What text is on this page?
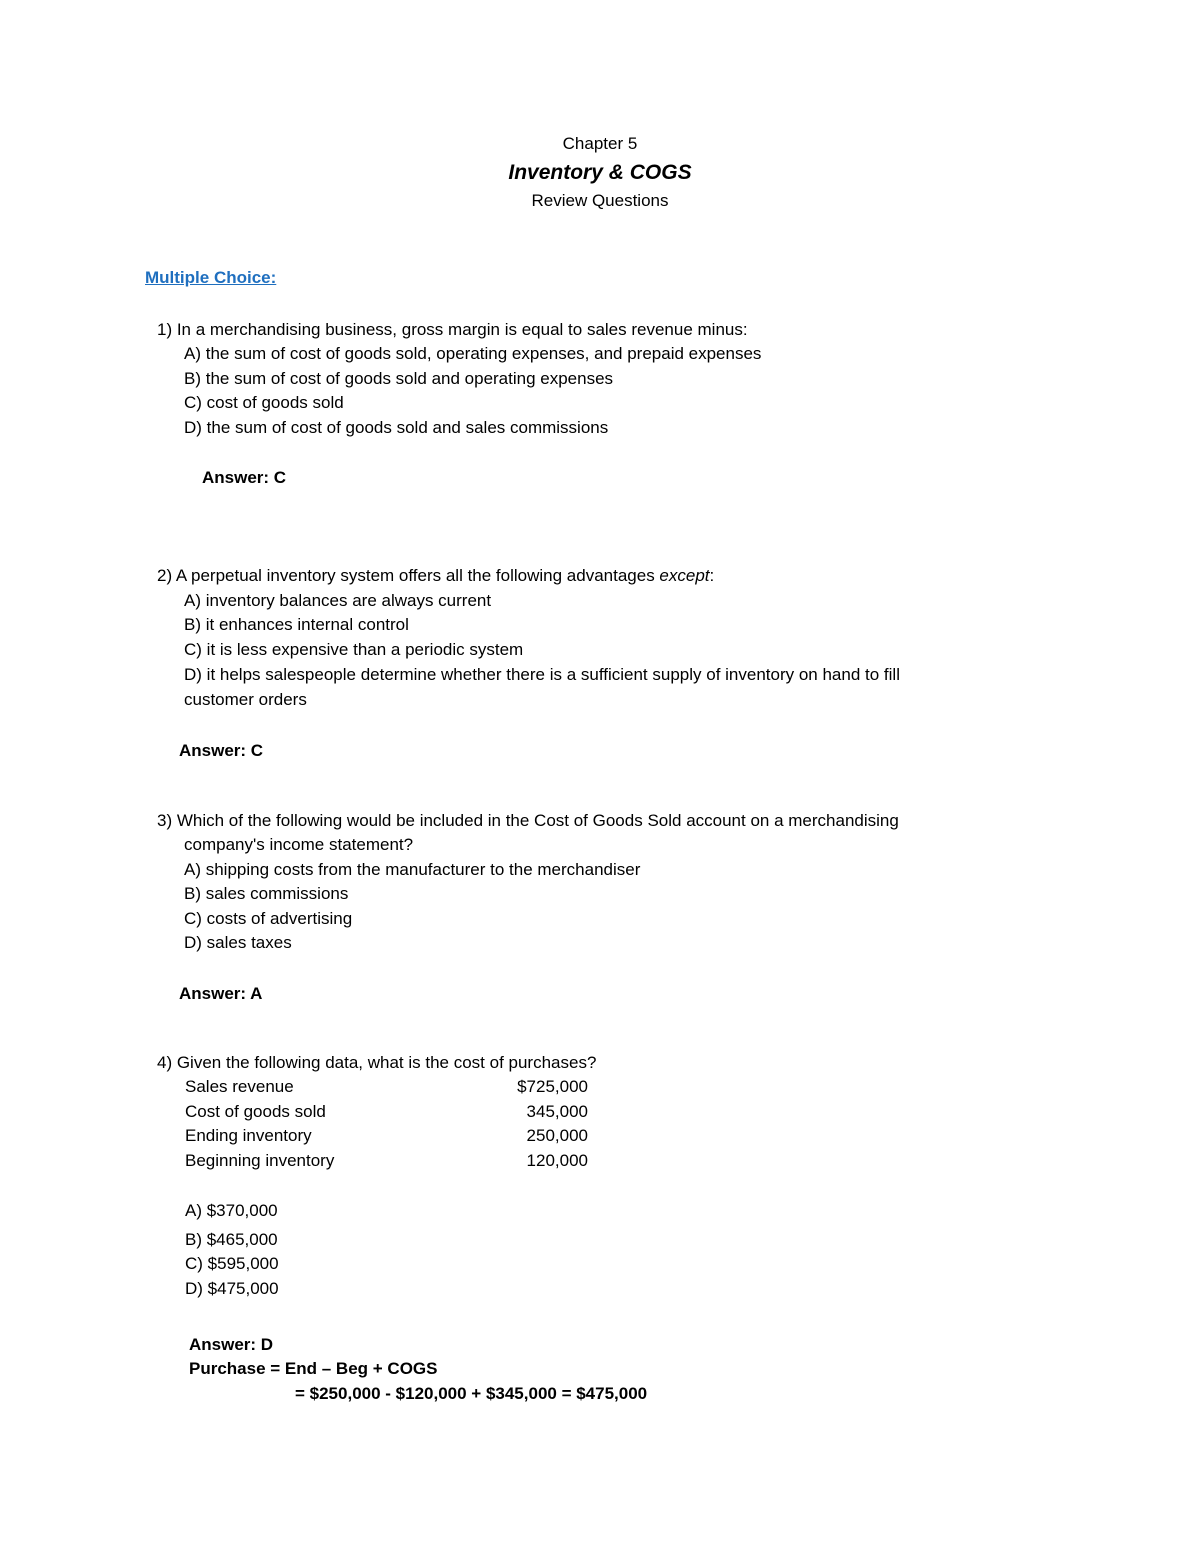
Chapter 5
Inventory & COGS
Review Questions
Multiple Choice:
1) In a merchandising business, gross margin is equal to sales revenue minus:
A) the sum of cost of goods sold, operating expenses, and prepaid expenses
B) the sum of cost of goods sold and operating expenses
C) cost of goods sold
D) the sum of cost of goods sold and sales commissions
Answer: C
2) A perpetual inventory system offers all the following advantages except:
A) inventory balances are always current
B) it enhances internal control
C) it is less expensive than a periodic system
D) it helps salespeople determine whether there is a sufficient supply of inventory on hand to fill
customer orders
Answer: C
3) Which of the following would be included in the Cost of Goods Sold account on a merchandising
company's income statement?
A) shipping costs from the manufacturer to the merchandiser
B) sales commissions
C) costs of advertising
D) sales taxes
Answer: A
4) Given the following data, what is the cost of purchases?
Sales revenue	$725,000
Cost of goods sold	345,000
Ending inventory	250,000
Beginning inventory	120,000
A) $370,000
B) $465,000
C) $595,000
D) $475,000
Answer: D
Purchase = End – Beg + COGS
= $250,000 - $120,000 + $345,000 = $475,000
